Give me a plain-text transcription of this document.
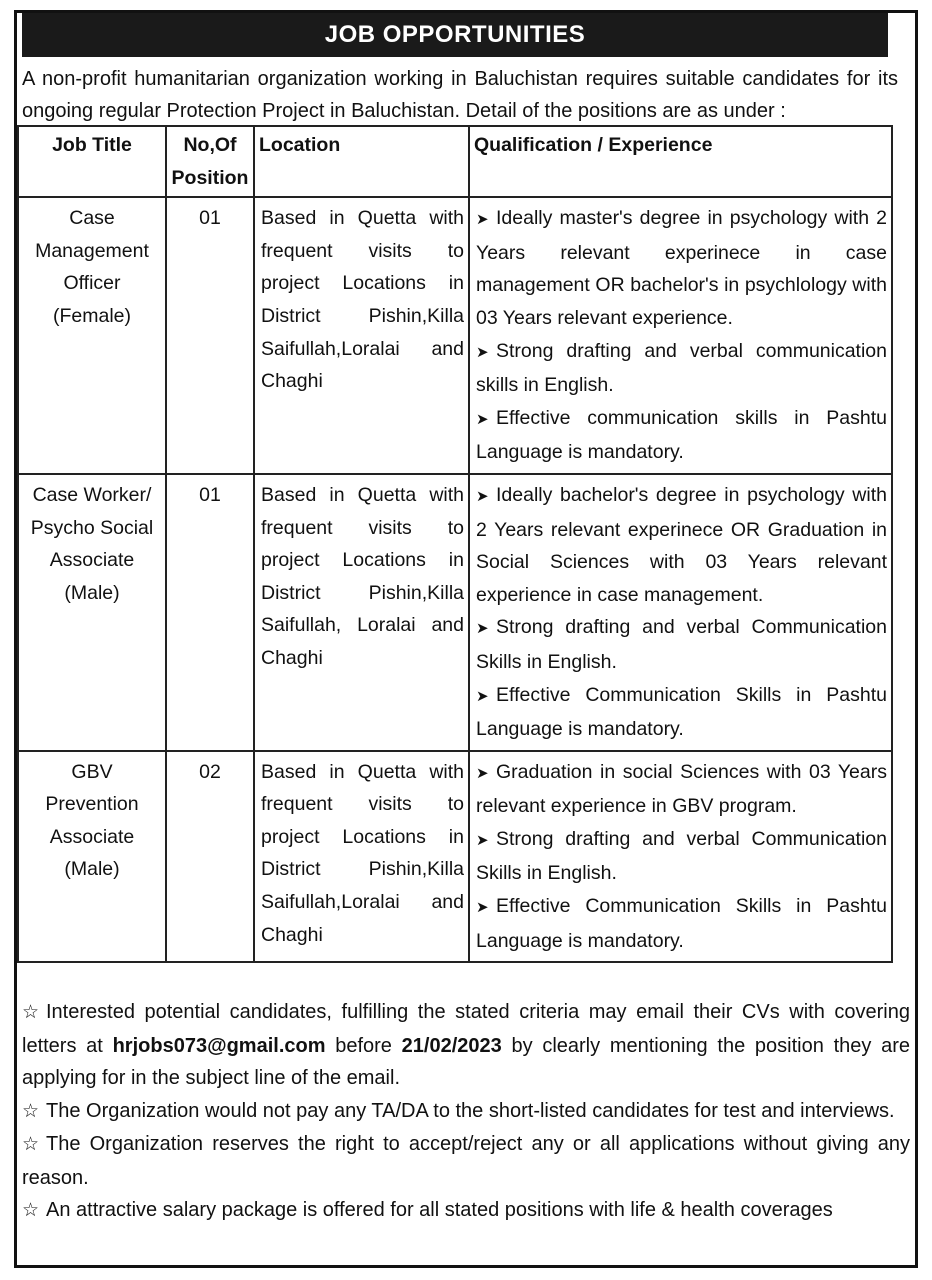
JOB OPPORTUNITIES

A non-profit humanitarian organization working in Baluchistan requires suitable candidates for its ongoing regular Protection Project in Baluchistan. Detail of the positions are as under :

Job Title	No,Of Position	Location	Qualification / Experience
Case Management Officer (Female)	01	Based in Quetta with frequent visits to project Locations in District Pishin,Killa Saifullah,Loralai and Chaghi	➤ Ideally master's degree in psychology with 2 Years relevant experinece in case management OR bachelor's in psychlology with 03 Years relevant experience.
➤ Strong drafting and verbal communication skills in English.
➤ Effective communication skills in Pashtu Language is mandatory.

Case Worker/ Psycho Social Associate (Male)	01	Based in Quetta with frequent visits to project Locations in District Pishin,Killa Saifullah, Loralai and Chaghi	➤ Ideally bachelor's degree in psychology with 2 Years relevant experinece OR Graduation in Social Sciences with 03 Years relevant experience in case management.
➤ Strong drafting and verbal Communication Skills in English.
➤ Effective Communication Skills in Pashtu Language is mandatory.

GBV Prevention Associate (Male)	02	Based in Quetta with frequent visits to project Locations in District Pishin,Killa Saifullah,Loralai and Chaghi	➤ Graduation in social Sciences with 03 Years relevant experience in GBV program.
➤ Strong drafting and verbal Communication Skills in English.
➤ Effective Communication Skills in Pashtu Language is mandatory.

☆ Interested potential candidates, fulfilling the stated criteria may email their CVs with covering letters at hrjobs073@gmail.com before 21/02/2023 by clearly mentioning the position they are applying for in the subject line of the email.

☆ The Organization would not pay any TA/DA to the short-listed candidates for test and interviews.

☆ The Organization reserves the right to accept/reject any or all applications without giving any reason.

☆ An attractive salary package is offered for all stated positions with life & health coverages
